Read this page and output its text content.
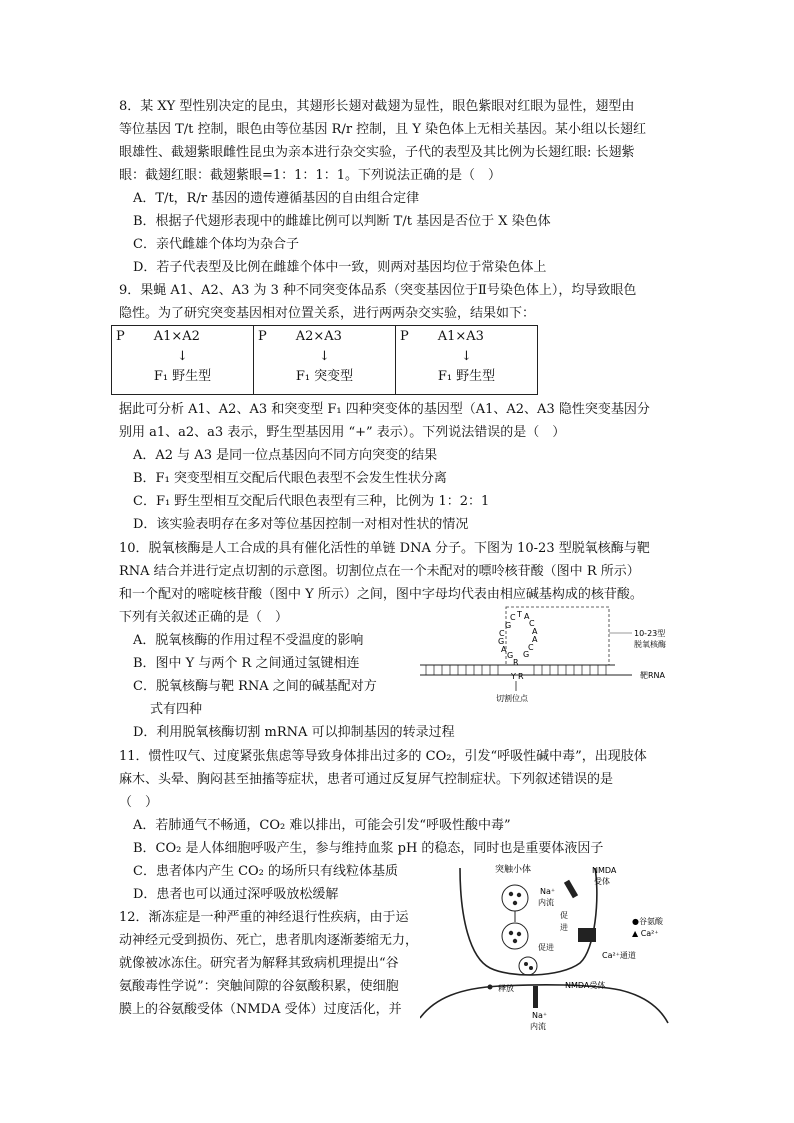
8．某 XY 型性别决定的昆虫，其翅形长翅对截翅为显性，眼色紫眼对红眼为显性，翅型由
等位基因 T/t 控制，眼色由等位基因 R/r 控制，且 Y 染色体上无相关基因。某小组以长翅红
眼雄性、截翅紫眼雌性昆虫为亲本进行杂交实验，子代的表型及其比例为长翅红眼: 长翅紫
眼：截翅红眼：截翅紫眼=1：1：1：1。下列说法正确的是（　）
A．T/t，R/r 基因的遗传遵循基因的自由组合定律
B．根据子代翅形表现中的雌雄比例可以判断 T/t 基因是否位于 X 染色体
C．亲代雌雄个体均为杂合子
D．若子代表型及比例在雌雄个体中一致，则两对基因均位于常染色体上
9．果蝇 A1、A2、A3 为 3 种不同突变体品系（突变基因位于Ⅱ号染色体上），均导致眼色
隐性。为了研究突变基因相对位置关系，进行两两杂交实验，结果如下：
P A1×A2
↓
F₁ 野生型

P A2×A3
↓
F₁ 突变型

P A1×A3
↓
F₁ 野生型
据此可分析 A1、A2、A3 和突变型 F₁ 四种突变体的基因型（A1、A2、A3 隐性突变基因分
别用 a1、a2、a3 表示，野生型基因用 “+” 表示）。下列说法错误的是（　）
A．A2 与 A3 是同一位点基因向不同方向突变的结果
B．F₁ 突变型相互交配后代眼色表型不会发生性状分离
C．F₁ 野生型相互交配后代眼色表型有三种，比例为 1：2：1
D．该实验表明存在多对等位基因控制一对相对性状的情况
10．脱氧核酶是人工合成的具有催化活性的单链 DNA 分子。下图为 10-23 型脱氧核酶与靶
RNA 结合并进行定点切割的示意图。切割位点在一个未配对的嘌呤核苷酸（图中 R 所示）
和一个配对的嘧啶核苷酸（图中 Y 所示）之间，图中字母均代表由相应碱基构成的核苷酸。
下列有关叙述正确的是（　）
A．脱氧核酶的作用过程不受温度的影响
B．图中 Y 与两个 R 之间通过氢键相连
C．脱氧核酶与靶 RNA 之间的碱基配对方
式有四种
D．利用脱氧核酶切割 mRNA 可以抑制基因的转录过程
10-23型
脱氧核酶
G
C T A
C
A
A
C
G
A
G
C
G
R
Y R	靶RNA
切割位点
11．惯性叹气、过度紧张焦虑等导致身体排出过多的 CO₂，引发“呼吸性碱中毒”，出现肢体
麻木、头晕、胸闷甚至抽搐等症状，患者可通过反复屏气控制症状。下列叙述错误的是
（　）
A．若肺通气不畅通，CO₂ 难以排出，可能会引发“呼吸性酸中毒”
B．CO₂ 是人体细胞呼吸产生，参与维持血浆 pH 的稳态，同时也是重要体液因子
C．患者体内产生 CO₂ 的场所只有线粒体基质
D．患者也可以通过深呼吸放松缓解
12．渐冻症是一种严重的神经退行性疾病，由于运
动神经元受到损伤、死亡，患者肌肉逐渐萎缩无力，
就像被冰冻住。研究者为解释其致病机理提出“谷
氨酸毒性学说”：突触间隙的谷氨酸积累，使细胞
膜上的谷氨酸受体（NMDA 受体）过度活化，并
突触小体
Na⁺
内流
NMDA
受体
促
进
促进
●谷氨酸
▲ Ca²⁺
Ca²⁺通道
释放	NMDA受体
Na⁺
内流
